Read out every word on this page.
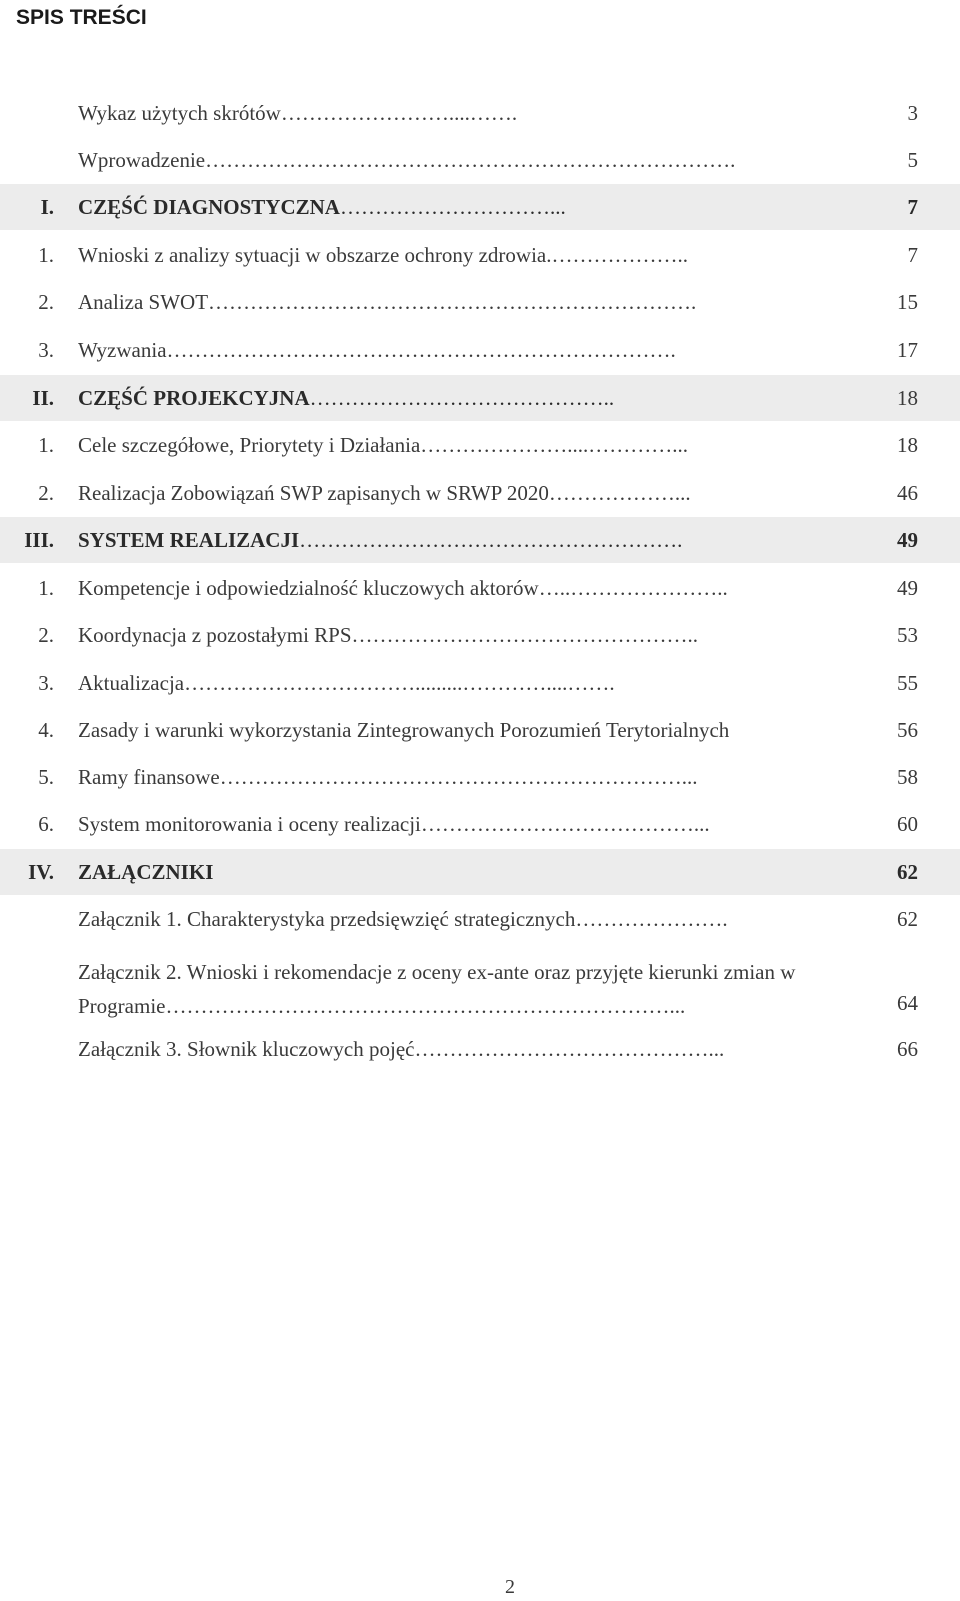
SPIS TREŚCI
Wykaz użytych skrótów……………………....…….	3
Wprowadzenie………………………………………………………………….	5
I. CZĘŚĆ DIAGNOSTYCZNA…………………………...	7
1. Wnioski z analizy sytuacji w obszarze ochrony zdrowia.………………..	7
2. Analiza SWOT…………………………………………………………….	15
3. Wyzwania……………………………………………………………….	17
II. CZĘŚĆ PROJEKCYJNA……………………………………..	18
1. Cele szczegółowe, Priorytety i Działania…………………....…………...	18
2. Realizacja Zobowiązań SWP zapisanych w SRWP 2020………………...	46
III. SYSTEM REALIZACJI……………………………………………….	49
1. Kompetencje i odpowiedzialność kluczowych aktorów…..…………………..	49
2. Koordynacja z pozostałymi RPS…………………………………………..	53
3. Aktualizacja…………………………….........…………....…….	55
4. Zasady i warunki wykorzystania Zintegrowanych Porozumień Terytorialnych	56
5. Ramy finansowe…………………………………………………………...	58
6. System monitorowania i oceny realizacji…………………………………...	60
IV. ZAŁĄCZNIKI	62
Załącznik 1. Charakterystyka przedsięwzięć strategicznych………………….	62
Załącznik 2. Wnioski i rekomendacje z oceny ex-ante oraz przyjęte kierunki zmian w Programie………………………………………………………………...	64
Załącznik 3. Słownik kluczowych pojęć……………………………………...	66
2
